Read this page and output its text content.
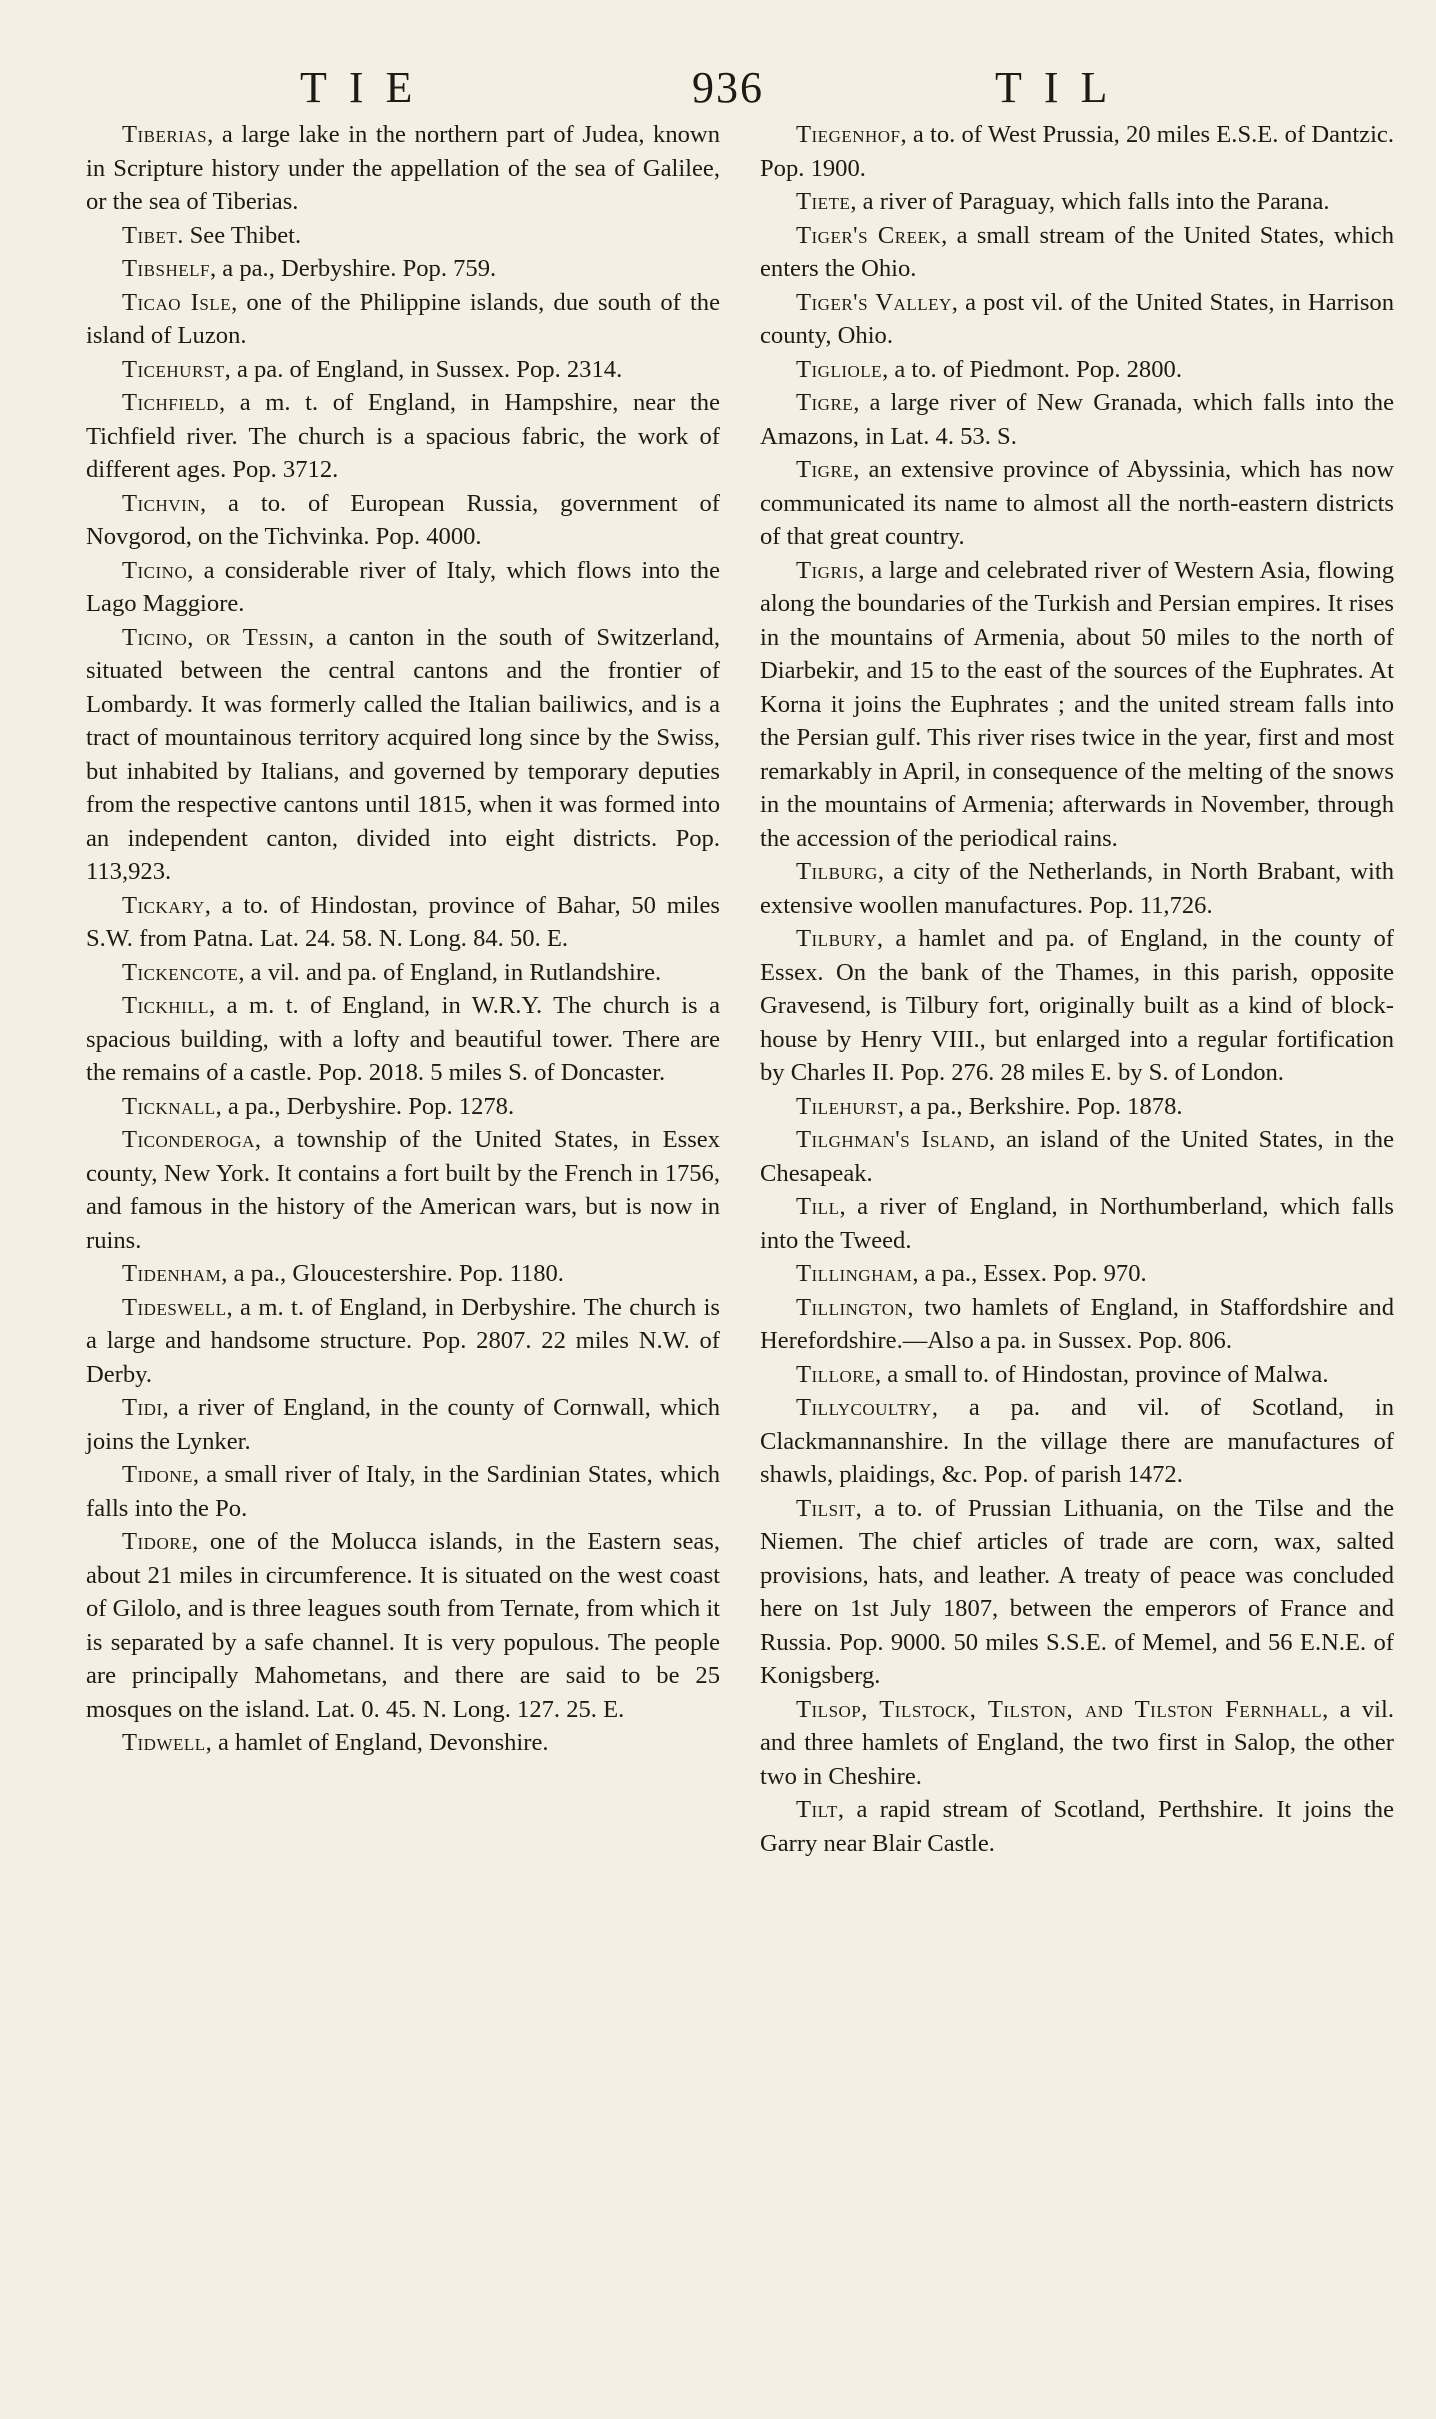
TIE	936	TIL

Tiberias, a large lake in the northern part of Judea, known in Scripture history under the appellation of the sea of Galilee, or the sea of Tiberias.

Tibet. See Thibet.

Tibshelf, a pa., Derbyshire. Pop. 759.

Ticao Isle, one of the Philippine islands, due south of the island of Luzon.

Ticehurst, a pa. of England, in Sussex. Pop. 2314.

Tichfield, a m. t. of England, in Hampshire, near the Tichfield river. The church is a spacious fabric, the work of different ages. Pop. 3712.

Tichvin, a to. of European Russia, government of Novgorod, on the Tichvinka. Pop. 4000.

Ticino, a considerable river of Italy, which flows into the Lago Maggiore.

Ticino, or Tessin, a canton in the south of Switzerland, situated between the central cantons and the frontier of Lombardy. It was formerly called the Italian bailiwics, and is a tract of mountainous territory acquired long since by the Swiss, but inhabited by Italians, and governed by temporary deputies from the respective cantons until 1815, when it was formed into an independent canton, divided into eight districts. Pop. 113,923.

Tickary, a to. of Hindostan, province of Bahar, 50 miles S.W. from Patna. Lat. 24. 58. N. Long. 84. 50. E.

Tickencote, a vil. and pa. of England, in Rutlandshire.

Tickhill, a m. t. of England, in W.R.Y. The church is a spacious building, with a lofty and beautiful tower. There are the remains of a castle. Pop. 2018. 5 miles S. of Doncaster.

Ticknall, a pa., Derbyshire. Pop. 1278.

Ticonderoga, a township of the United States, in Essex county, New York. It contains a fort built by the French in 1756, and famous in the history of the American wars, but is now in ruins.

Tidenham, a pa., Gloucestershire. Pop. 1180.

Tideswell, a m. t. of England, in Derbyshire. The church is a large and handsome structure. Pop. 2807. 22 miles N.W. of Derby.

Tidi, a river of England, in the county of Cornwall, which joins the Lynker.

Tidone, a small river of Italy, in the Sardinian States, which falls into the Po.

Tidore, one of the Molucca islands, in the Eastern seas, about 21 miles in circumference. It is situated on the west coast of Gilolo, and is three leagues south from Ternate, from which it is separated by a safe channel. It is very populous. The people are principally Mahometans, and there are said to be 25 mosques on the island. Lat. 0. 45. N. Long. 127. 25. E.

Tidwell, a hamlet of England, Devonshire.

Tiegenhof, a to. of West Prussia, 20 miles E.S.E. of Dantzic. Pop. 1900.

Tiete, a river of Paraguay, which falls into the Parana.

Tiger's Creek, a small stream of the United States, which enters the Ohio.

Tiger's Valley, a post vil. of the United States, in Harrison county, Ohio.

Tigliole, a to. of Piedmont. Pop. 2800.

Tigre, a large river of New Granada, which falls into the Amazons, in Lat. 4. 53. S.

Tigre, an extensive province of Abyssinia, which has now communicated its name to almost all the north-eastern districts of that great country.

Tigris, a large and celebrated river of Western Asia, flowing along the boundaries of the Turkish and Persian empires. It rises in the mountains of Armenia, about 50 miles to the north of Diarbekir, and 15 to the east of the sources of the Euphrates. At Korna it joins the Euphrates ; and the united stream falls into the Persian gulf. This river rises twice in the year, first and most remarkably in April, in consequence of the melting of the snows in the mountains of Armenia; afterwards in November, through the accession of the periodical rains.

Tilburg, a city of the Netherlands, in North Brabant, with extensive woollen manufactures. Pop. 11,726.

Tilbury, a hamlet and pa. of England, in the county of Essex. On the bank of the Thames, in this parish, opposite Gravesend, is Tilbury fort, originally built as a kind of block-house by Henry VIII., but enlarged into a regular fortification by Charles II. Pop. 276. 28 miles E. by S. of London.

Tilehurst, a pa., Berkshire. Pop. 1878.

Tilghman's Island, an island of the United States, in the Chesapeak.

Till, a river of England, in Northumberland, which falls into the Tweed.

Tillingham, a pa., Essex. Pop. 970.

Tillington, two hamlets of England, in Staffordshire and Herefordshire.—Also a pa. in Sussex. Pop. 806.

Tillore, a small to. of Hindostan, province of Malwa.

Tillycoultry, a pa. and vil. of Scotland, in Clackmannanshire. In the village there are manufactures of shawls, plaidings, &c. Pop. of parish 1472.

Tilsit, a to. of Prussian Lithuania, on the Tilse and the Niemen. The chief articles of trade are corn, wax, salted provisions, hats, and leather. A treaty of peace was concluded here on 1st July 1807, between the emperors of France and Russia. Pop. 9000. 50 miles S.S.E. of Memel, and 56 E.N.E. of Konigsberg.

Tilsop, Tilstock, Tilston, and Tilston Fernhall, a vil. and three hamlets of England, the two first in Salop, the other two in Cheshire.

Tilt, a rapid stream of Scotland, Perthshire. It joins the Garry near Blair Castle.
